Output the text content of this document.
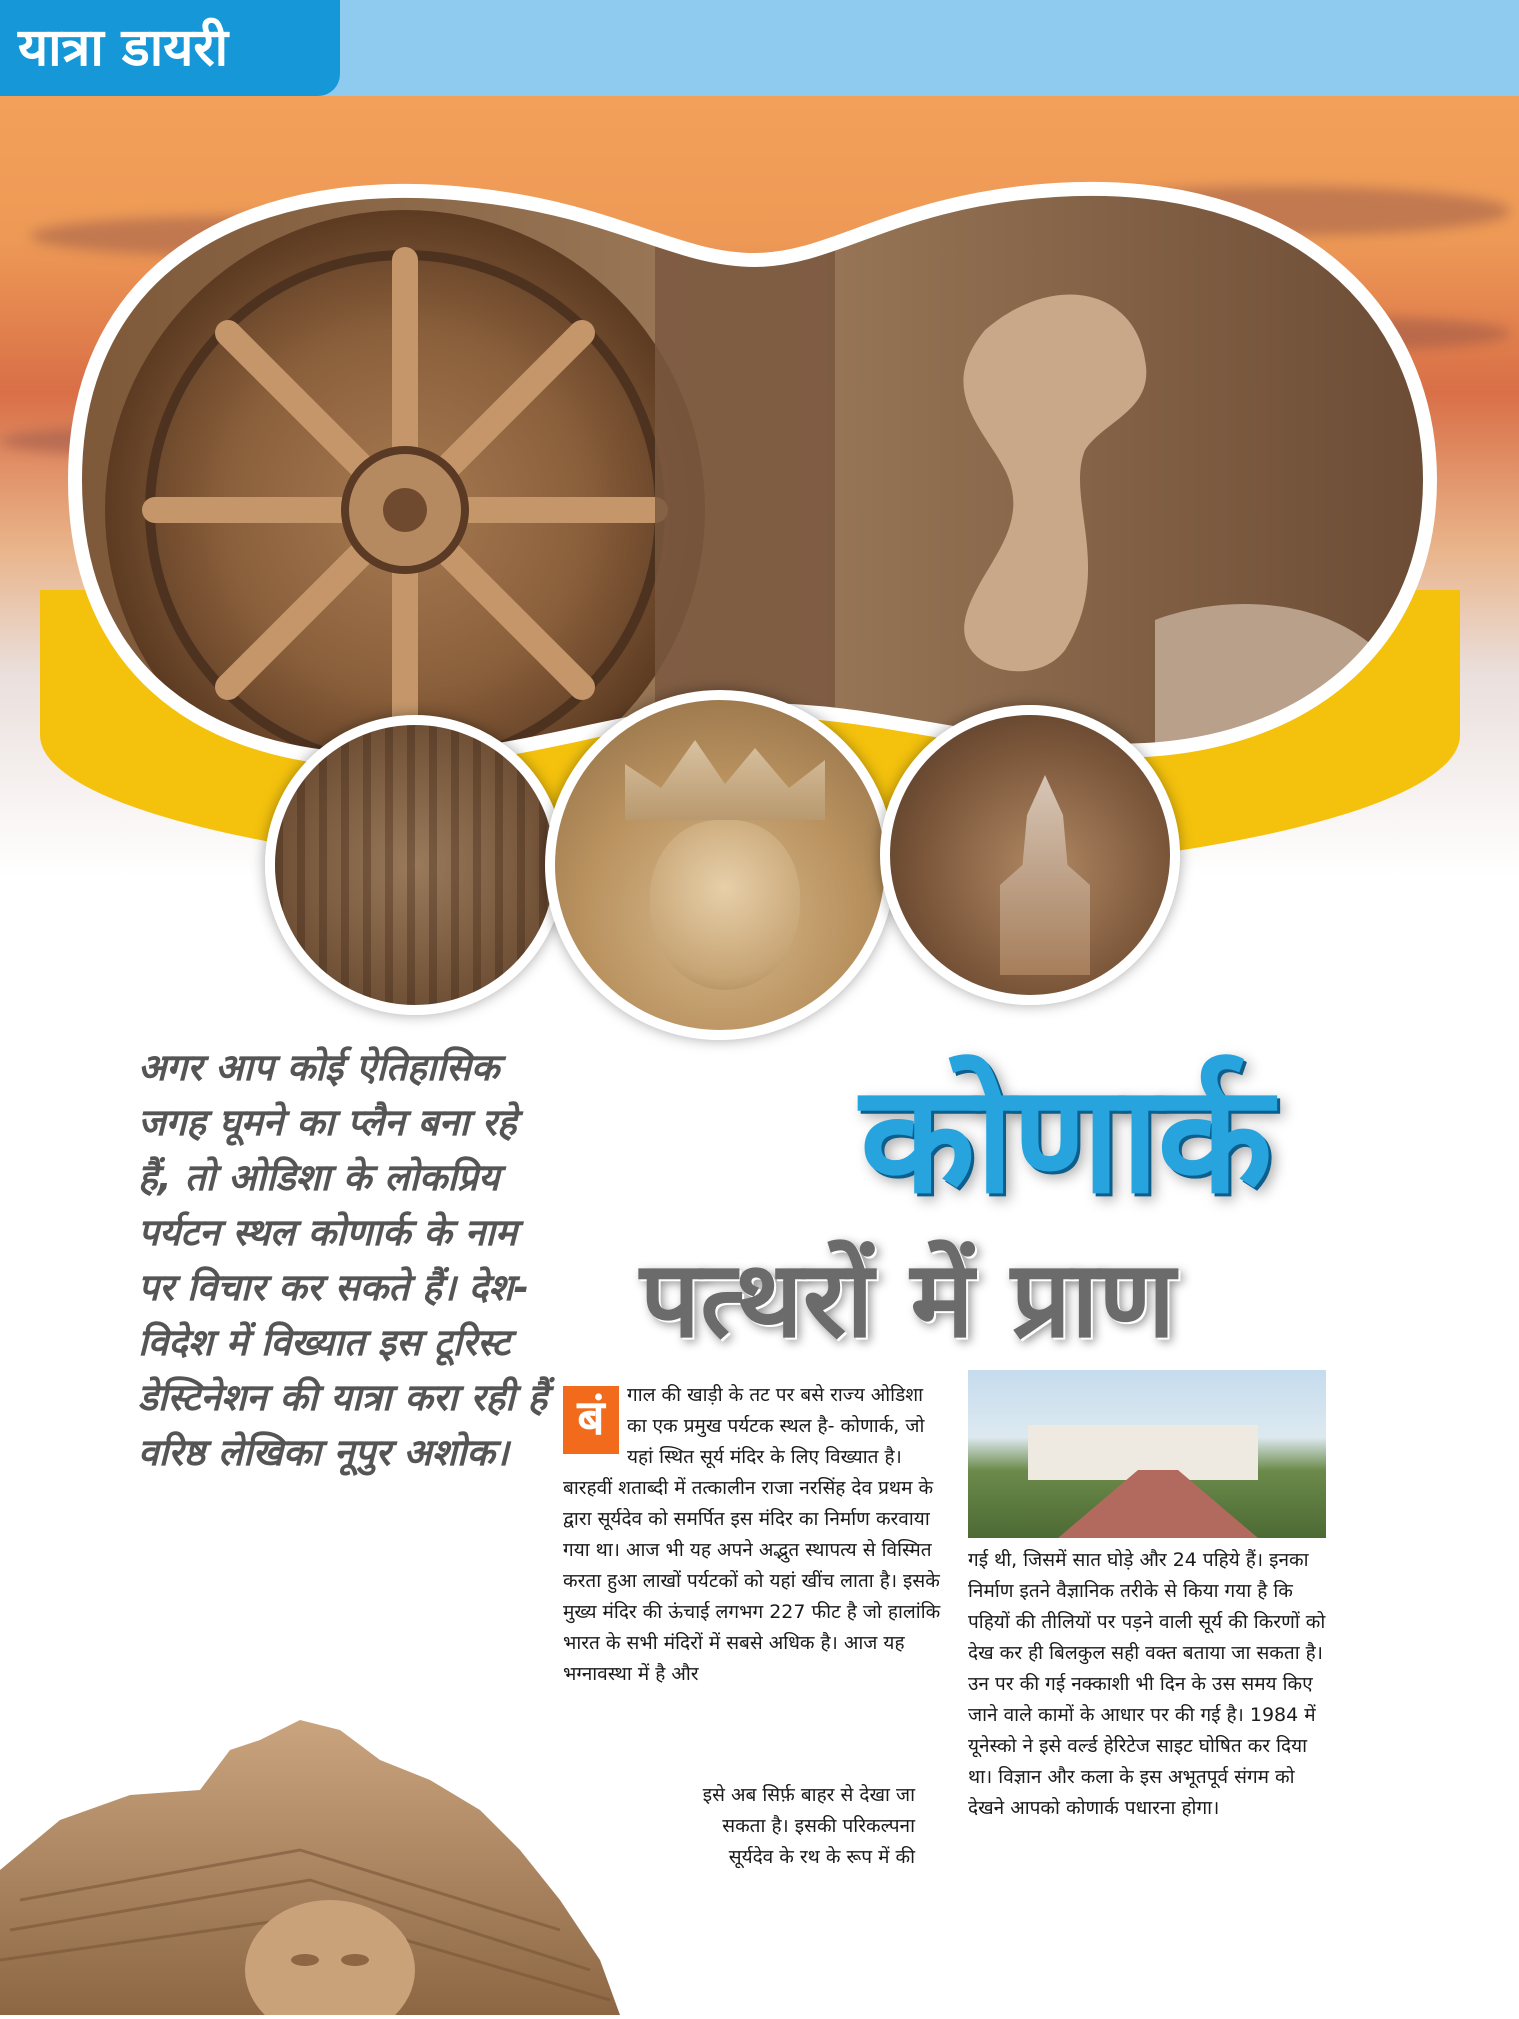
यात्रा डायरी
अगर आप कोई ऐतिहासिक जगह घूमने का प्लैन बना रहे हैं, तो ओडिशा के लोकप्रिय पर्यटन स्थल कोणार्क के नाम पर विचार कर सकते हैं। देश-विदेश में विख्यात इस टूरिस्ट डेस्टिनेशन की यात्रा करा रही हैं वरिष्ठ लेखिका नूपुर अशोक।
कोणार्क
पत्थरों में प्राण
बं	गाल की खाड़ी के तट पर बसे राज्य ओडिशा का एक प्रमुख पर्यटक स्थल है- कोणार्क, जो यहां स्थित सूर्य मंदिर के लिए विख्यात है। बारहवीं शताब्दी में तत्कालीन राजा नरसिंह देव प्रथम के द्वारा सूर्यदेव को समर्पित इस मंदिर का निर्माण करवाया गया था। आज भी यह अपने अद्भुत स्थापत्य से विस्मित करता हुआ लाखों पर्यटकों को यहां खींच लाता है। इसके मुख्य मंदिर की ऊंचाई लगभग 227 फीट है जो हालांकि भारत के सभी मंदिरों में सबसे अधिक है। आज यह भग्नावस्था में है और
इसे अब सिर्फ़ बाहर से देखा जा सकता है। इसकी परिकल्पना सूर्यदेव के रथ के रूप में की
गई थी, जिसमें सात घोड़े और 24 पहिये हैं। इनका निर्माण इतने वैज्ञानिक तरीके से किया गया है कि पहियों की तीलियों पर पड़ने वाली सूर्य की किरणों को देख कर ही बिलकुल सही वक्त बताया जा सकता है। उन पर की गई नक्काशी भी दिन के उस समय किए जाने वाले कामों के आधार पर की गई है। 1984 में यूनेस्को ने इसे वर्ल्ड हेरिटेज साइट घोषित कर दिया था। विज्ञान और कला के इस अभूतपूर्व संगम को देखने आपको कोणार्क पधारना होगा।
